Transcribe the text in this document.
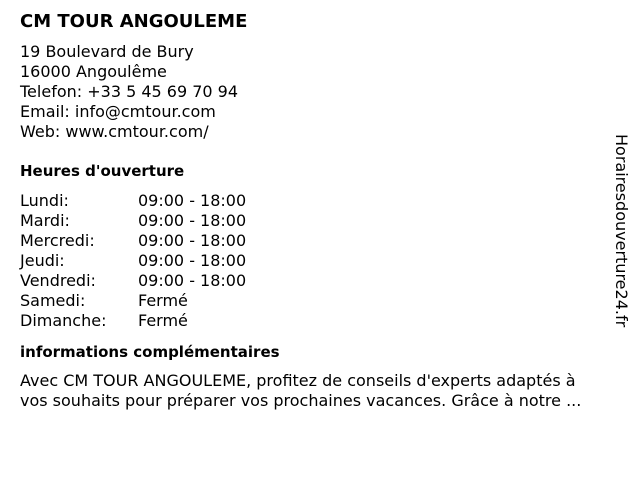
CM TOUR ANGOULEME
19 Boulevard de Bury
16000 Angoulême
Telefon: +33 5 45 69 70 94
Email: info@cmtour.com
Web: www.cmtour.com/
Heures d'ouverture
Lundi:	09:00 - 18:00
Mardi:	09:00 - 18:00
Mercredi:	09:00 - 18:00
Jeudi:	09:00 - 18:00
Vendredi:	09:00 - 18:00
Samedi:	Fermé
Dimanche:	Fermé
informations complémentaires
Avec CM TOUR ANGOULEME, profitez de conseils d'experts adaptés à
vos souhaits pour préparer vos prochaines vacances. Grâce à notre ...
Horairesdouverture24.fr
